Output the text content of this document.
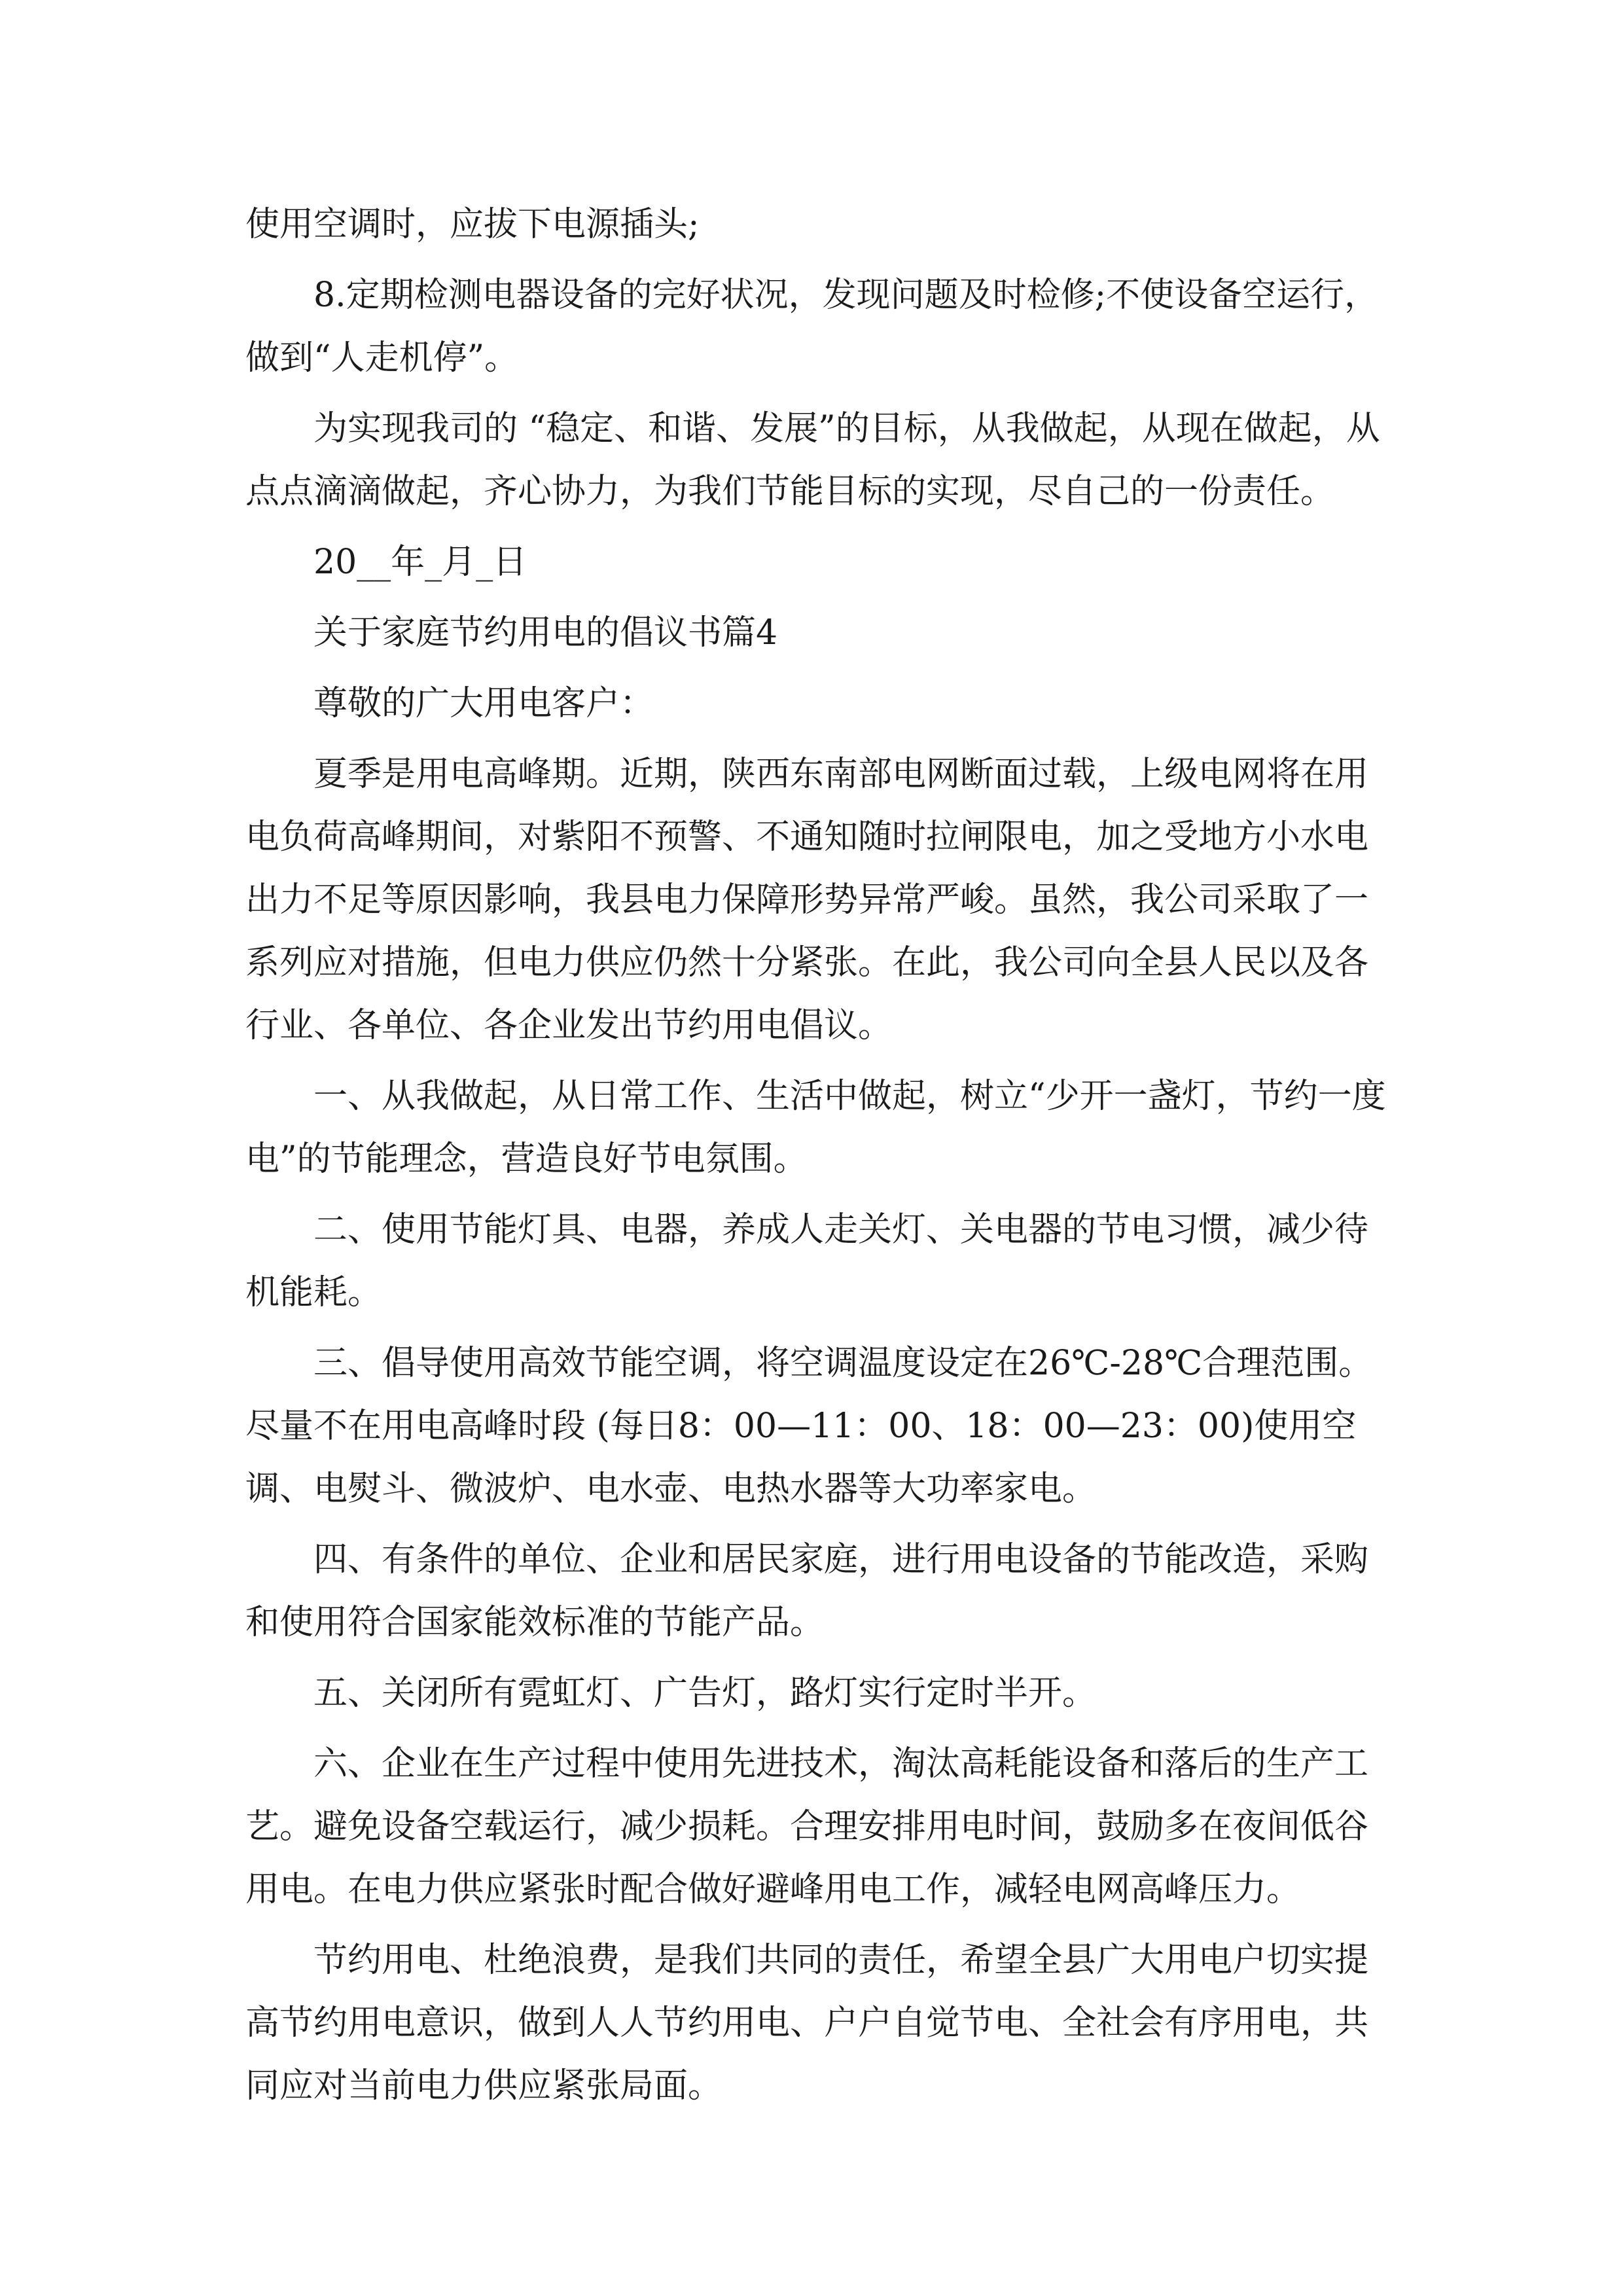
使用空调时，应拔下电源插头;

8.定期检测电器设备的完好状况，发现问题及时检修;不使设备空运行，做到“人走机停”。

为实现我司的 “稳定、和谐、发展”的目标，从我做起，从现在做起，从点点滴滴做起，齐心协力，为我们节能目标的实现，尽自己的一份责任。

20__年_月_日

关于家庭节约用电的倡议书篇4

尊敬的广大用电客户：

夏季是用电高峰期。近期，陕西东南部电网断面过载，上级电网将在用电负荷高峰期间，对紫阳不预警、不通知随时拉闸限电，加之受地方小水电出力不足等原因影响，我县电力保障形势异常严峻。虽然，我公司采取了一系列应对措施，但电力供应仍然十分紧张。在此，我公司向全县人民以及各行业、各单位、各企业发出节约用电倡议。

一、从我做起，从日常工作、生活中做起，树立“少开一盏灯，节约一度电”的节能理念，营造良好节电氛围。

二、使用节能灯具、电器，养成人走关灯、关电器的节电习惯，减少待机能耗。

三、倡导使用高效节能空调，将空调温度设定在26℃-28℃合理范围。尽量不在用电高峰时段 (每日8：00—11：00、18：00—23：00)使用空调、电熨斗、微波炉、电水壶、电热水器等大功率家电。

四、有条件的单位、企业和居民家庭，进行用电设备的节能改造，采购和使用符合国家能效标准的节能产品。

五、关闭所有霓虹灯、广告灯，路灯实行定时半开。

六、企业在生产过程中使用先进技术，淘汰高耗能设备和落后的生产工艺。避免设备空载运行，减少损耗。合理安排用电时间，鼓励多在夜间低谷用电。在电力供应紧张时配合做好避峰用电工作，减轻电网高峰压力。

节约用电、杜绝浪费，是我们共同的责任，希望全县广大用电户切实提高节约用电意识，做到人人节约用电、户户自觉节电、全社会有序用电，共同应对当前电力供应紧张局面。
